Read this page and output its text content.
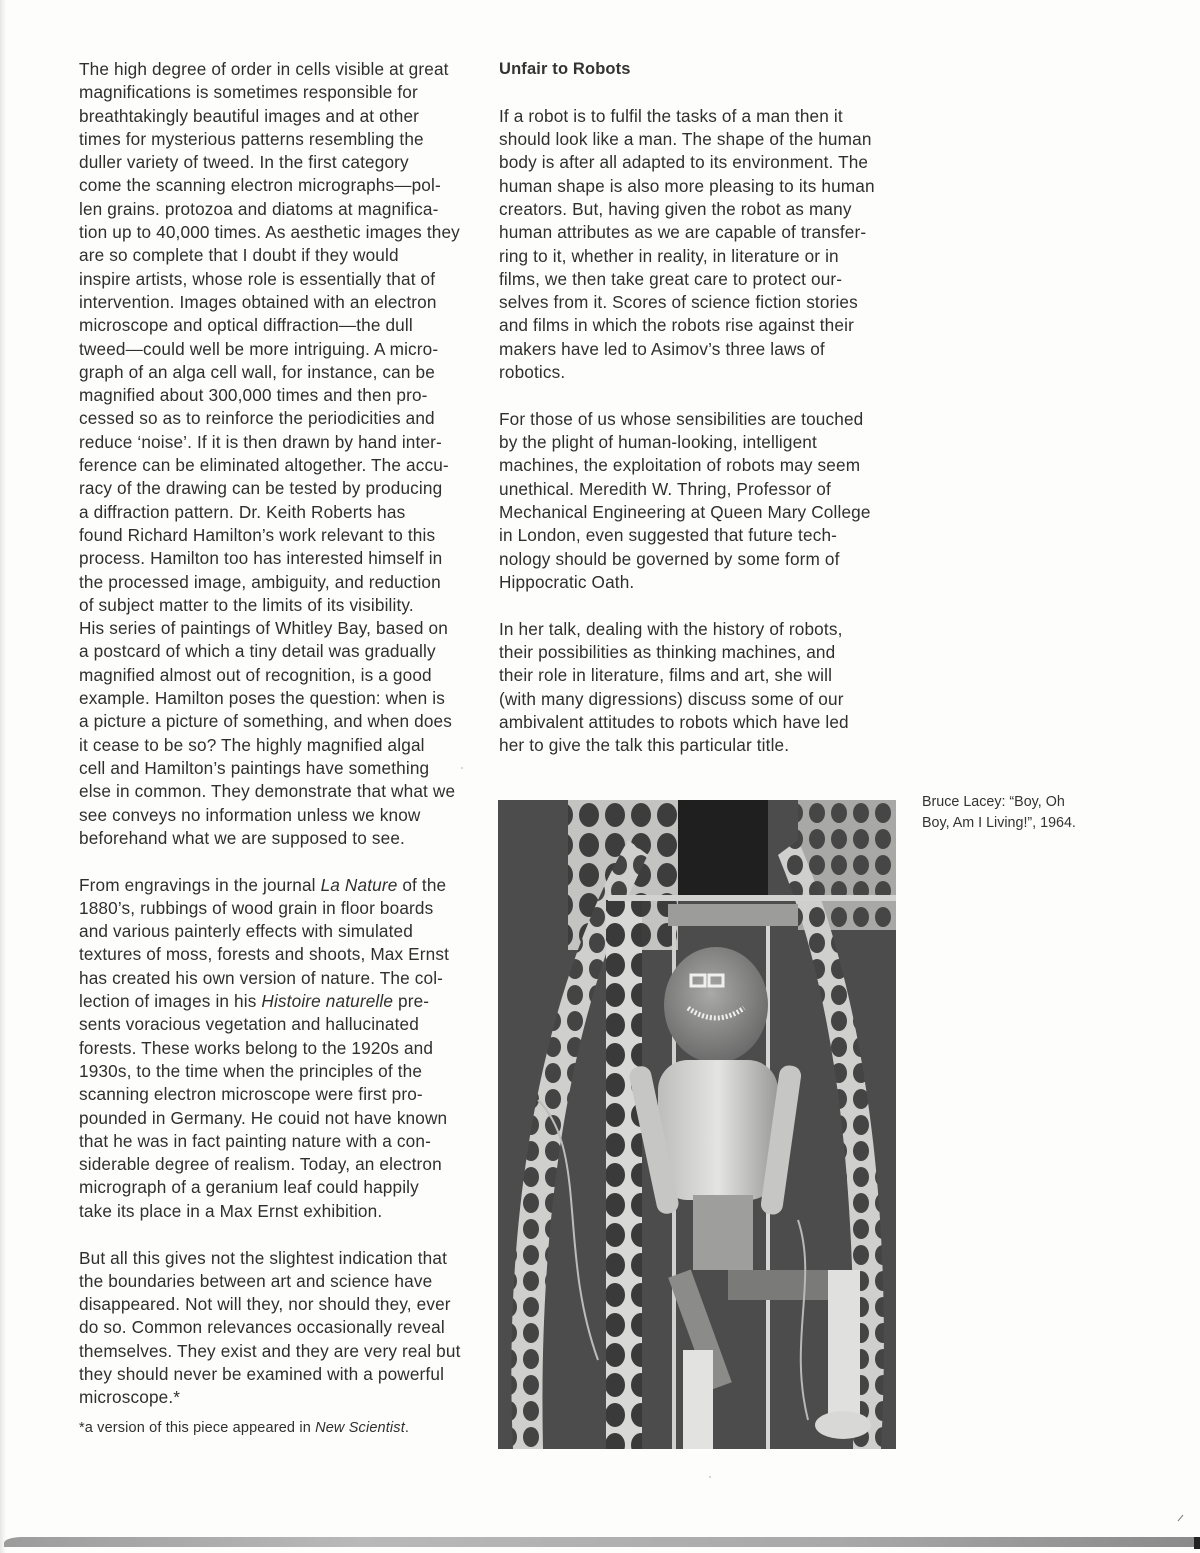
The high degree of order in cells visible at great
magnifications is sometimes responsible for
breathtakingly beautiful images and at other
times for mysterious patterns resembling the
duller variety of tweed. In the first category
come the scanning electron micrographs—pol-
len grains. protozoa and diatoms at magnifica-
tion up to 40,000 times. As aesthetic images they
are so complete that I doubt if they would
inspire artists, whose role is essentially that of
intervention. Images obtained with an electron
microscope and optical diffraction—the dull
tweed—could well be more intriguing. A micro-
graph of an alga cell wall, for instance, can be
magnified about 300,000 times and then pro-
cessed so as to reinforce the periodicities and
reduce ‘noise’. If it is then drawn by hand inter-
ference can be eliminated altogether. The accu-
racy of the drawing can be tested by producing
a diffraction pattern. Dr. Keith Roberts has
found Richard Hamilton’s work relevant to this
process. Hamilton too has interested himself in
the processed image, ambiguity, and reduction
of subject matter to the limits of its visibility.
His series of paintings of Whitley Bay, based on
a postcard of which a tiny detail was gradually
magnified almost out of recognition, is a good
example. Hamilton poses the question: when is
a picture a picture of something, and when does
it cease to be so? The highly magnified algal
cell and Hamilton’s paintings have something
else in common. They demonstrate that what we
see conveys no information unless we know
beforehand what we are supposed to see.
From engravings in the journal La Nature of the
1880’s, rubbings of wood grain in floor boards
and various painterly effects with simulated
textures of moss, forests and shoots, Max Ernst
has created his own version of nature. The col-
lection of images in his Histoire naturelle pre-
sents voracious vegetation and hallucinated
forests. These works belong to the 1920s and
1930s, to the time when the principles of the
scanning electron microscope were first pro-
pounded in Germany. He couid not have known
that he was in fact painting nature with a con-
siderable degree of realism. Today, an electron
micrograph of a geranium leaf could happily
take its place in a Max Ernst exhibition.
But all this gives not the slightest indication that
the boundaries between art and science have
disappeared. Not will they, nor should they, ever
do so. Common relevances occasionally reveal
themselves. They exist and they are very real but
they should never be examined with a powerful
microscope.*
*a version of this piece appeared in New Scientist.
Unfair to Robots
If a robot is to fulfil the tasks of a man then it
should look like a man. The shape of the human
body is after all adapted to its environment. The
human shape is also more pleasing to its human
creators. But, having given the robot as many
human attributes as we are capable of transfer-
ring to it, whether in reality, in literature or in
films, we then take great care to protect our-
selves from it. Scores of science fiction stories
and films in which the robots rise against their
makers have led to Asimov’s three laws of
robotics.
For those of us whose sensibilities are touched
by the plight of human-looking, intelligent
machines, the exploitation of robots may seem
unethical. Meredith W. Thring, Professor of
Mechanical Engineering at Queen Mary College
in London, even suggested that future tech-
nology should be governed by some form of
Hippocratic Oath.
In her talk, dealing with the history of robots,
their possibilities as thinking machines, and
their role in literature, films and art, she will
(with many digressions) discuss some of our
ambivalent attitudes to robots which have led
her to give the talk this particular title.
Bruce Lacey: “Boy, Oh
Boy, Am I Living!”, 1964.
